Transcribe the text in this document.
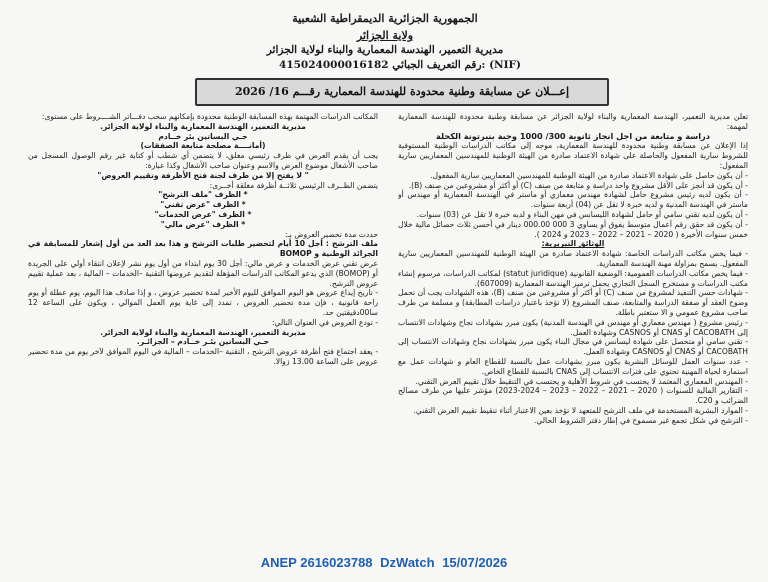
الجمهورية الجزائرية الديمقراطية الشعبية
ولاية الجزائر
مديرية التعمير، الهندسة المعمارية والبناء لولاية الجزائر
رقم التعريف الجبائي 415024000016182: (NIF)
إعـــلان عن مسابقة وطنية محدودة للهندسة المعمارية رقـــم 16/ 2026

تعلن مديرية التعمير، الهندسة المعمارية والبناء لولاية الجزائر عن مسابقة وطنية محدودة للهندسة المعمارية لمهمة:

دراسة و متابعة من اجل انجاز ثانوية 300/ 1000 وجبة بنيرتونة الكحلة

إذا الإعلان عن مسابقة وطنية محدودة للهندسة المعمارية، موجه إلى مكاتب الدراسات الوطنية المستوفية للشروط سارية المفعول والحاصلة على شهادة الاعتماد صادرة من الهيئة الوطنية للمهندسين المعماريين سارية المفعول:

- أن يكون حاصل على شهادة الاعتماد صادرة من الهيئة الوطنية للمهندسين المعماريين سارية المفعول.

- أن يكون قد أنجز على الأقل مشروع واحد دراسة و متابعة من صنف (C) أو أكثر أو مشروعين من صنف (B).

- أن يكون لديه رئيس مشروع حامل لشهادة مهندس معماري أو ماستر في الهندسة المعمارية أو مهندس أو ماستر في الهندسة المدنية و لديه خبرة لا تقل عن (04) أربعة سنوات.

- أن يكون لديه تقني سامي أو حامل لشهادة الليسانس في مهن البناء و لديه خبرة لا تقل عن (03) سنوات.

- أن يكون قد حقق رقم أعمال متوسط يفوق أو يساوي 3 000 000.00 دينار في أحسن ثلاث حصائل مالية خلال خمس سنوات الأخيرة ( 2020 – 2021 – 2022 – 2023 و 2024 ).

الوثائق التبريرية:

- فيما يخص مكاتب الدراسات الخاصة: شهادة الاعتماد صادرة من الهيئة الوطنية للمهندسين المعماريين سارية المفعول. يسمح بمزاولة مهنة الهندسة المعمارية.

- فيما يخص مكاتب الدراسات العمومية: الوضعية القانونية (statut juridique) لمكاتب الدراسات، مرسوم إنشاء مكتب الدراسات و مستخرج السجل التجاري يحمل ترميز الهندسة المعمارية (607009).

- شهادات حسن التنفيذ لمشروع من صنف (C) أو أكثر أو مشروعين من صنف (B)، هذه الشهادات يجب أن تحمل وضوح العقد أو صفقة الدراسة والمتابعة، صنف المشروع (لا تؤخذ باعتبار دراسات المطابقة) و مسلمة من طرف صاحب مشروع عمومي و الا ستعتبر باطلة.

- رئيس مشروع ( مهندس معماري أو مهندس في الهندسة المدنية) يكون مبرر بشهادات نجاح وشهادات الانتساب إلى CACOBATH أو CNAS أو CASNOS وشهادة العمل.

- تقني سامي أو متحصل على شهادة ليسانس في مجال البناء يكون مبرر بشهادات نجاح وشهادات الانتساب إلى CACOBATH أو CNAS أو CASNOS وشهادة العمل.

- عدد سنوات العمل للوسائل البشرية يكون مبرر بشهادات عمل بالنسبة للقطاع العام و شهادات عمل مع استمارة لحياة المهنية تحتوي على فترات الانتساب إلى CNAS بالنسبة للقطاع الخاص.

- المهندس المعماري المعتمد لا يحتسب في شروط الأهلية و يحتسب في التنقيط خلال تقييم العرض التقني.

- التقارير المالية للسنوات ( 2020 – 2021 – 2022 – 2023 – 2024-2023) مؤشر عليها من طرف مصالح الضرائب و C20.

- الموارد البشرية المستخدمة في ملف الترشح للمتعهد لا تؤخذ بعين الاعتبار أثناء تنقيط تقييم العرض التقني.

- الترشح في شكل تجمع غير مسموح في إطار دفتر الشروط الحالي.

المكاتب الدراسات المهتمة بهذه المسابقة الوطنية محدودة بإمكانهم سحب دفـــاتر الشــــروط على مستوى:

مديرية التعمير، الهندسة المعمارية والبناء لولاية الجزائر.

حـي البساتين بئر خــادم

(أمانــــة مصلحة متابعة الصفقات)

يجب أن يقدم العرض في ظرف رئيسي مغلق، لا يتضمن أي شطب أو كتابة غير رقم الوصول المسجل من صاحب الأشغال موضوع العرض والاسم وعنوان صاحب الأشغال وكذا عبارة:

" لا يفتح إلا من طرف لجنة فتح الأظرفة وتقييم العروض"

يتضمن الظــرف الرئيسي ثلاثــة أظرفة مغلقة أخــرى:

* الظرف "ملف الترشح"

* الظرف "عرض تقني"

* الظرف "عرض الخدمات"

* الظرف "عرض مالي"

حددت مدة تحضير العروض بـ:

ملف الترشح : أجل 10 أيام لتحضير طلبات الترشح و هذا بعد العد من أول إشعار للمسابقة في الجرائد الوطنية و BOMOP

عرض تقني عرض الخدمات و عرض مالي: أجل 30 يوم ابتداء من أول يوم نشر لإعلان انتقاء أولي على الجريدة أو (BOMOP) الذي يدعو المكاتب الدراسات المؤهلة لتقديم عروضها التقنية –الخدمات – المالية ، بعد عملية تقييم عروض الترشح.

- تاريخ إيداع عروض هو اليوم الموافق لليوم الأخير لمدة تحضير عروض ، و إذا صادف هذا اليوم، يوم عطلة أو يوم راحة قانونية ، فإن مدة تحضير العروض ، تمدد إلى غاية يوم العمل الموالي ، ويكون على الساعة 12 سا00دقيقتين حد.

- تودع العروض في العنوان التالي:

مديرية التعمير، الهندسة المعمارية والبناء لولاية الجزائر.

حـي البساتين بئـر خــادم – الجزائـر.

- يعقد اجتماع فتح أظرفة عروض الترشح ، التقنية –الخدمات – المالية في اليوم الموافق لآخر يوم من مدة تحضير عروض على الساعة 13.00 زوالا.

ANEP 2616023788 DzWatch 15/07/2026
